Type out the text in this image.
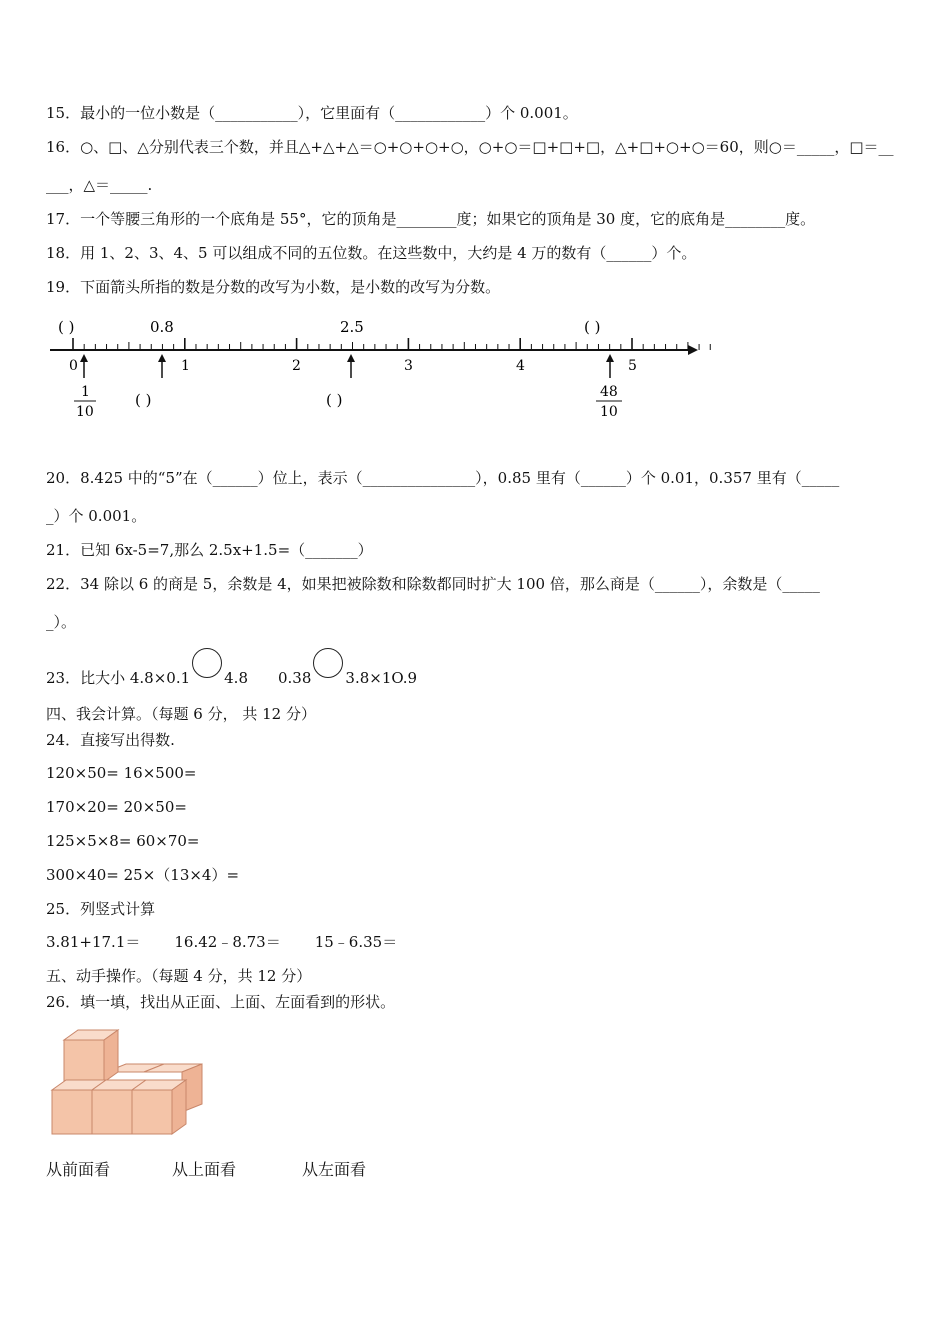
15．最小的一位小数是（___________），它里面有（____________）个 0.001。
16．○、□、△分别代表三个数，并且△+△+△＝○+○+○+○，○+○＝□+□+□，△+□+○+○＝60，则○＝_____，□＝__
___，△＝_____.
17．一个等腰三角形的一个底角是 55°，它的顶角是________度；如果它的顶角是 30 度，它的底角是________度。
18．用 1、2、3、4、5 可以组成不同的五位数。在这些数中，大约是 4 万的数有（______）个。
19．下面箭头所指的数是分数的改写为小数，是小数的改写为分数。
( )	0.8	2.5	( )
0	1	2	3	4	5
1
10
( )	( )	48
10
20．8.425 中的“5”在（______）位上，表示（_______________），0.85 里有（______）个 0.01，0.357 里有（_____
_）个 0.001。
21．已知 6x-5=7,那么 2.5x+1.5=（_______）
22．34 除以 6 的商是 5，余数是 4，如果把被除数和除数都同时扩大 100 倍，那么商是（______），余数是（_____
_）。
23．比大小 4.8×0.1 4.8 0.38 3.8×1O.9
四、我会计算。（每题 6 分， 共 12 分）
24．直接写出得数.
120×50= 16×500=
170×20= 20×50=
125×5×8= 60×70=
300×40= 25×（13×4）=
25．列竖式计算
3.81+17.1＝ 16.42﹣8.73＝ 15﹣6.35＝
五、动手操作。（每题 4 分，共 12 分）
26．填一填，找出从正面、上面、左面看到的形状。
从前面看	从上面看	从左面看
